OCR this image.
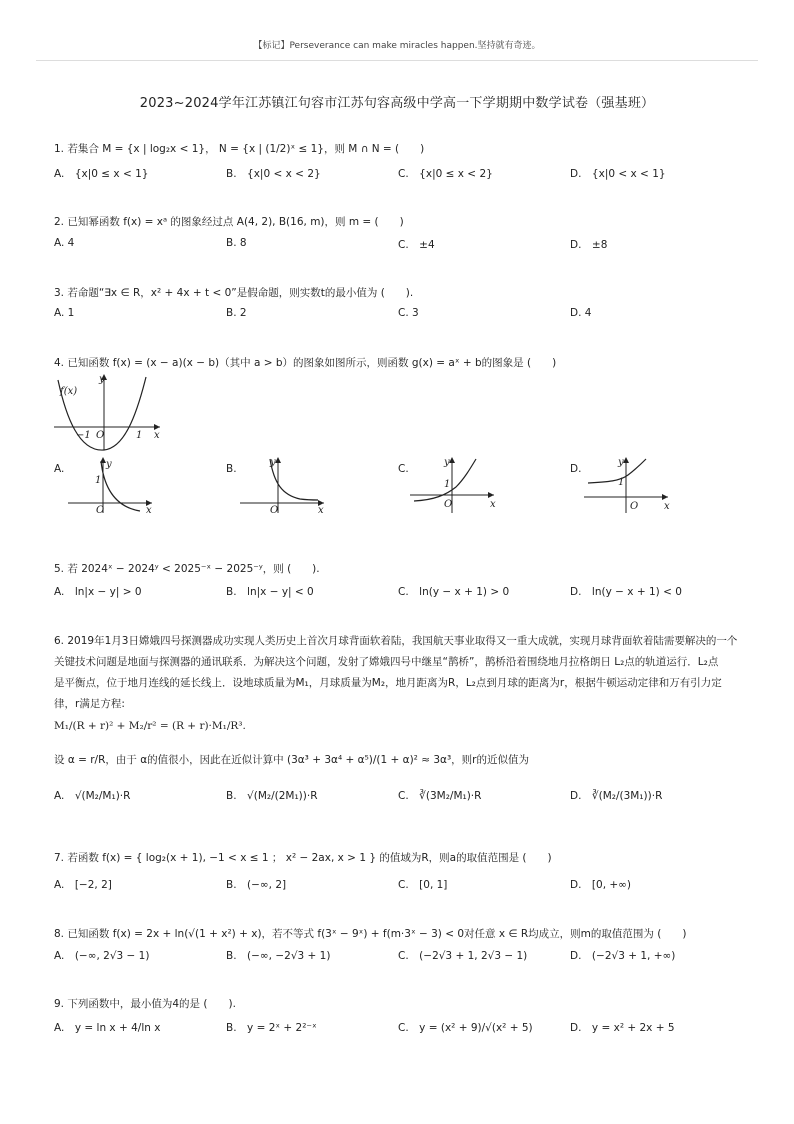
【标记】Perseverance can make miracles happen.坚持就有奇迹。
2023~2024学年江苏镇江句容市江苏句容高级中学高一下学期期中数学试卷（强基班）
1. 若集合 M = {x | log₂x < 1}， N = {x | (1/2)ˣ ≤ 1}，则 M ∩ N = (　　)
A.　{x|0 ≤ x < 1}	B.　{x|0 < x < 2}	C.　{x|0 ≤ x < 2}	D.　{x|0 < x < 1}
2. 已知幂函数 f(x) = xᵃ 的图象经过点 A(4, 2), B(16, m)，则 m = (　　)
A. 4	B. 8	C.　±4	D.　±8
3. 若命题“∃x ∈ R，x² + 4x + t < 0”是假命题，则实数t的最小值为 (　　).
A. 1	B. 2	C. 3	D. 4
4. 已知函数 f(x) = (x − a)(x − b)（其中 a > b）的图象如图所示，则函数 g(x) = aˣ + b的图象是 (　　)
f(x)
y
x
O
−1	1
A.	B.	C.	D.
y
x
O
1
y
x
O
y
x
O
1
y
x
O
1
5. 若 2024ˣ − 2024ʸ < 2025⁻ˣ − 2025⁻ʸ，则 (　　).
A.　ln|x − y| > 0	B.　ln|x − y| < 0	C.　ln(y − x + 1) > 0	D.　ln(y − x + 1) < 0
6. 2019年1月3日嫦娥四号探测器成功实现人类历史上首次月球背面软着陆，我国航天事业取得又一重大成就，实现月球背面软着陆需要解决的一个
关键技术问题是地面与探测器的通讯联系．为解决这个问题，发射了嫦娥四号中继星“鹊桥”，鹊桥沿着围绕地月拉格朗日 L₂点的轨道运行．L₂点
是平衡点，位于地月连线的延长线上．设地球质量为M₁，月球质量为M₂，地月距离为R，L₂点到月球的距离为r，根据牛顿运动定律和万有引力定
律，r满足方程:
M₁/(R + r)² + M₂/r² = (R + r)·M₁/R³.
设 α = r/R，由于 α的值很小，因此在近似计算中 (3α³ + 3α⁴ + α⁵)/(1 + α)² ≈ 3α³，则r的近似值为
A.　√(M₂/M₁)·R	B.　√(M₂/(2M₁))·R	C.　∛(3M₂/M₁)·R	D.　∛(M₂/(3M₁))·R
7. 若函数 f(x) = { log₂(x + 1), −1 < x ≤ 1 ； x² − 2ax, x > 1 } 的值域为R，则a的取值范围是 (　　)
A.　[−2, 2]	B.　(−∞, 2]	C.　[0, 1]	D.　[0, +∞)
8. 已知函数 f(x) = 2x + ln(√(1 + x²) + x)，若不等式 f(3ˣ − 9ˣ) + f(m·3ˣ − 3) < 0对任意 x ∈ R均成立，则m的取值范围为 (　　)
A.　(−∞, 2√3 − 1)	B.　(−∞, −2√3 + 1)	C.　(−2√3 + 1, 2√3 − 1)	D.　(−2√3 + 1, +∞)
9. 下列函数中，最小值为4的是 (　　).
A.　y = ln x + 4/ln x	B.　y = 2ˣ + 2²⁻ˣ	C.　y = (x² + 9)/√(x² + 5)	D.　y = x² + 2x + 5
